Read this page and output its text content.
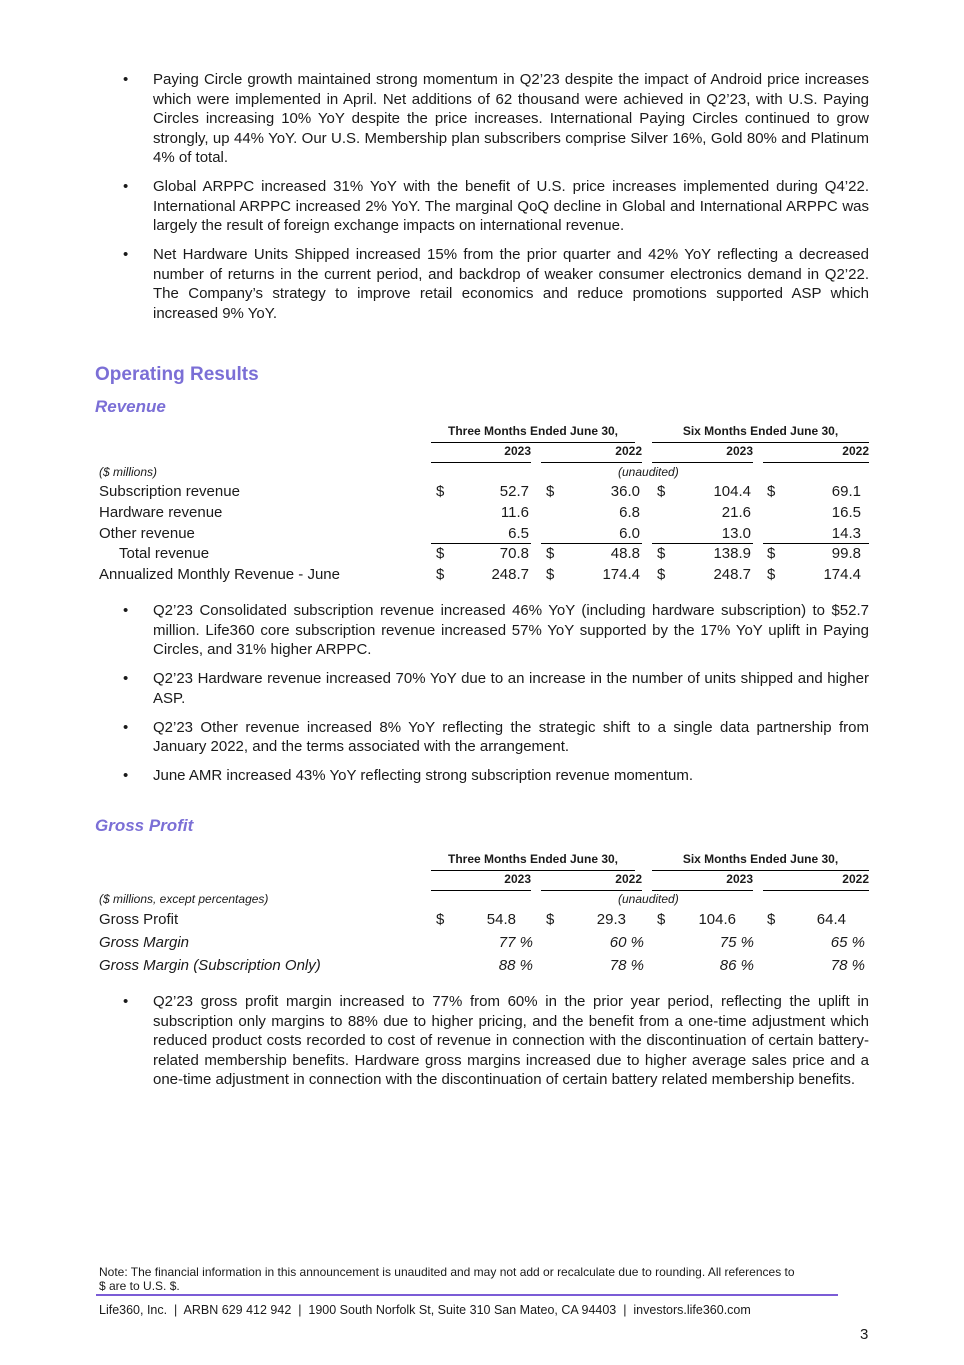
• Paying Circle growth maintained strong momentum in Q2’23 despite the impact of Android price increases which were implemented in April. Net additions of 62 thousand were achieved in Q2’23, with U.S. Paying Circles increasing 10% YoY despite the price increases. International Paying Circles continued to grow strongly, up 44% YoY. Our U.S. Membership plan subscribers comprise Silver 16%, Gold 80% and Platinum 4% of total.
• Global ARPPC increased 31% YoY with the benefit of U.S. price increases implemented during Q4’22. International ARPPC increased 2% YoY. The marginal QoQ decline in Global and International ARPPC was largely the result of foreign exchange impacts on international revenue.
• Net Hardware Units Shipped increased 15% from the prior quarter and 42% YoY reflecting a decreased number of returns in the current period, and backdrop of weaker consumer electronics demand in Q2’22. The Company’s strategy to improve retail economics and reduce promotions supported ASP which increased 9% YoY.
Operating Results
Revenue
Three Months Ended June 30,	Six Months Ended June 30,
2023	2022	2023	2022
($ millions)	(unaudited)
Subscription revenue	$	52.7 $	36.0 $	104.4 $	69.1
Hardware revenue	11.6	6.8	21.6	16.5
Other revenue	6.5	6.0	13.0	14.3
Total revenue	$	70.8 $	48.8 $	138.9 $	99.8
Annualized Monthly Revenue - June	$	248.7 $	174.4 $	248.7 $	174.4
• Q2’23 Consolidated subscription revenue increased 46% YoY (including hardware subscription) to $52.7 million. Life360 core subscription revenue increased 57% YoY supported by the 17% YoY uplift in Paying Circles, and 31% higher ARPPC.
• Q2’23 Hardware revenue increased 70% YoY due to an increase in the number of units shipped and higher ASP.
• Q2’23 Other revenue increased 8% YoY reflecting the strategic shift to a single data partnership from January 2022, and the terms associated with the arrangement.
• June AMR increased 43% YoY reflecting strong subscription revenue momentum.
Gross Profit
Three Months Ended June 30,	Six Months Ended June 30,
2023	2022	2023	2022
($ millions, except percentages)	(unaudited)
Gross Profit	$	54.8 $	29.3 $	104.6 $	64.4
Gross Margin	77 %	60 %	75 %	65 %
Gross Margin (Subscription Only)	88 %	78 %	86 %	78 %
• Q2’23 gross profit margin increased to 77% from 60% in the prior year period, reflecting the uplift in subscription only margins to 88% due to higher pricing, and the benefit from a one-time adjustment which reduced product costs recorded to cost of revenue in connection with the discontinuation of certain battery-related membership benefits. Hardware gross margins increased due to higher average sales price and a one-time adjustment in connection with the discontinuation of certain battery related membership benefits.
Note: The financial information in this announcement is unaudited and may not add or recalculate due to rounding. All references to $ are to U.S. $.
Life360, Inc.  |  ARBN 629 412 942  |  1900 South Norfolk St, Suite 310 San Mateo, CA 94403  |  investors.life360.com
3
